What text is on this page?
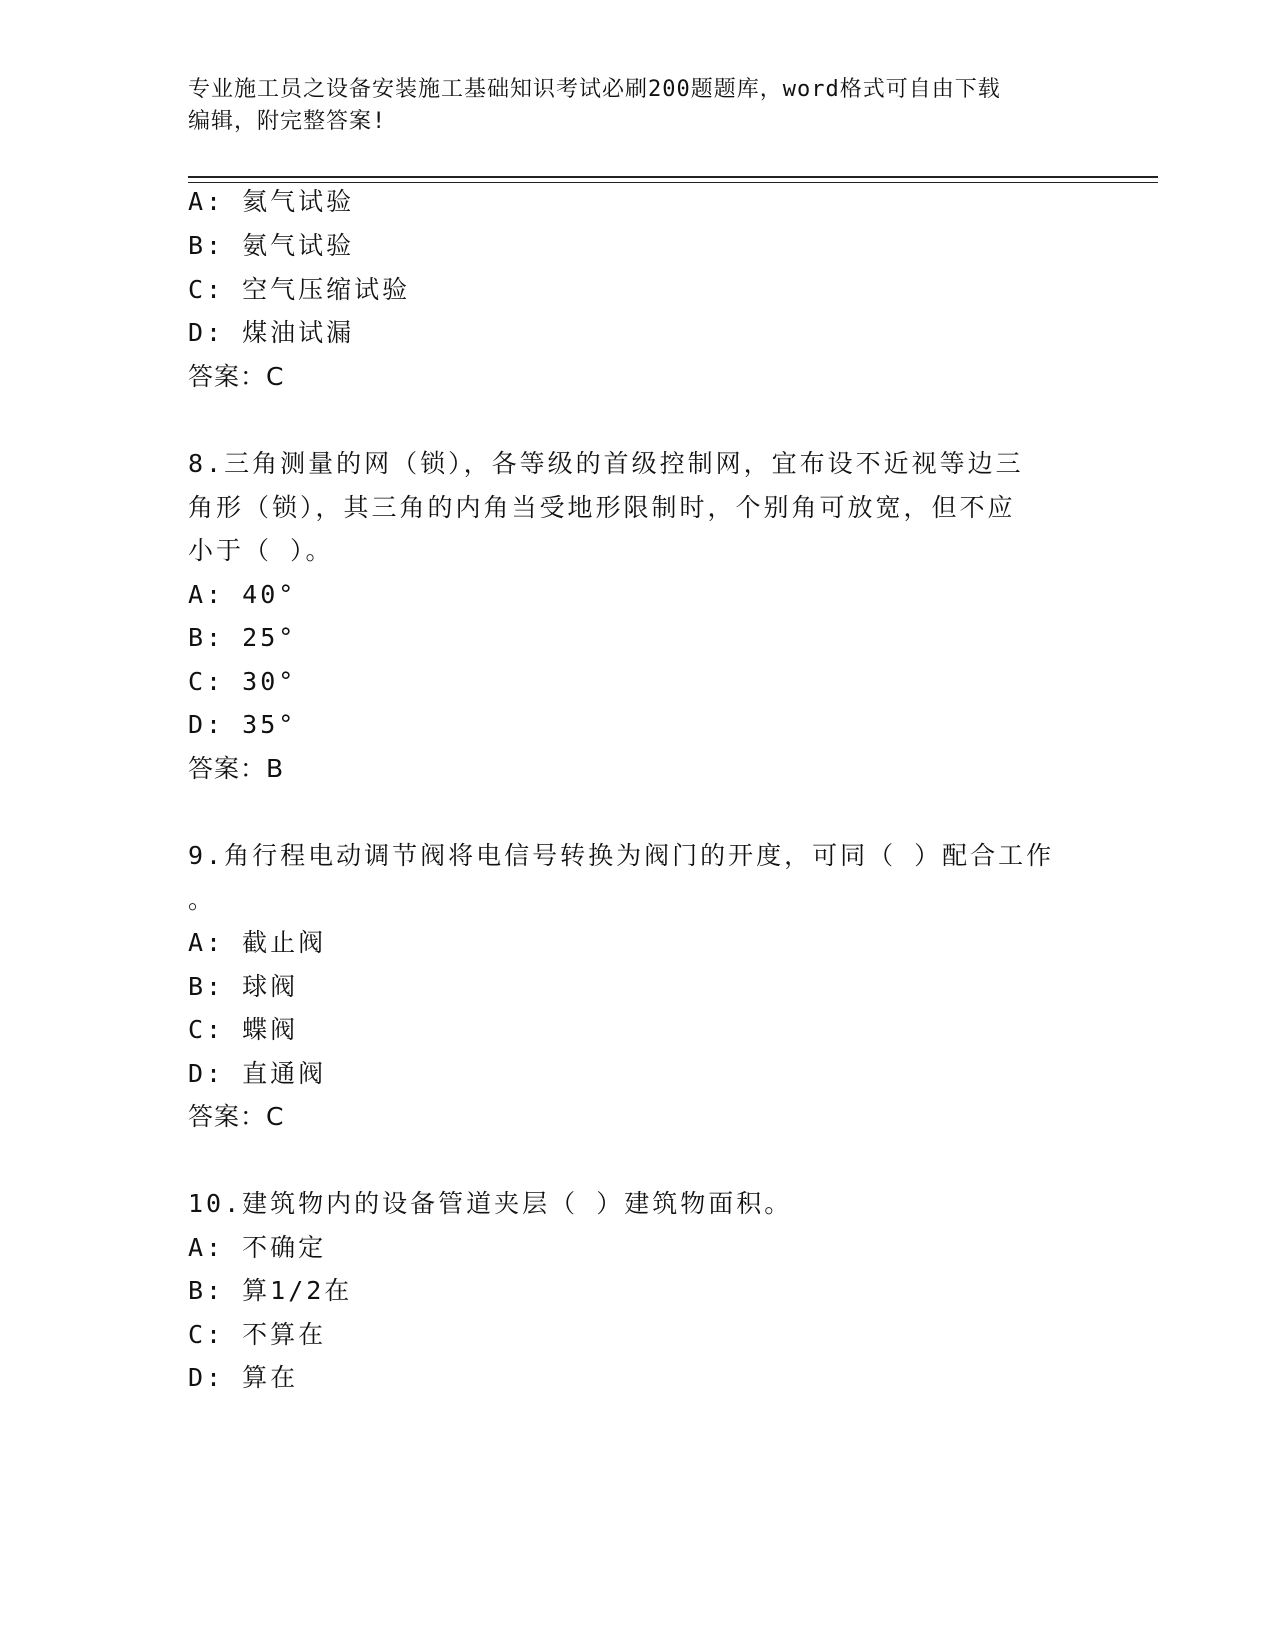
专业施工员之设备安装施工基础知识考试必刷200题题库，word格式可自由下载
编辑，附完整答案!
A: 氦气试验
B: 氨气试验
C: 空气压缩试验
D: 煤油试漏
答案：C
8.三角测量的网（锁），各等级的首级控制网，宜布设不近视等边三
角形（锁），其三角的内角当受地形限制时，个别角可放宽，但不应
小于（ ）。
A: 40°
B: 25°
C: 30°
D: 35°
答案：B
9.角行程电动调节阀将电信号转换为阀门的开度，可同（ ）配合工作
。
A: 截止阀
B: 球阀
C: 蝶阀
D: 直通阀
答案：C
10.建筑物内的设备管道夹层（ ）建筑物面积。
A: 不确定
B: 算1/2在
C: 不算在
D: 算在
